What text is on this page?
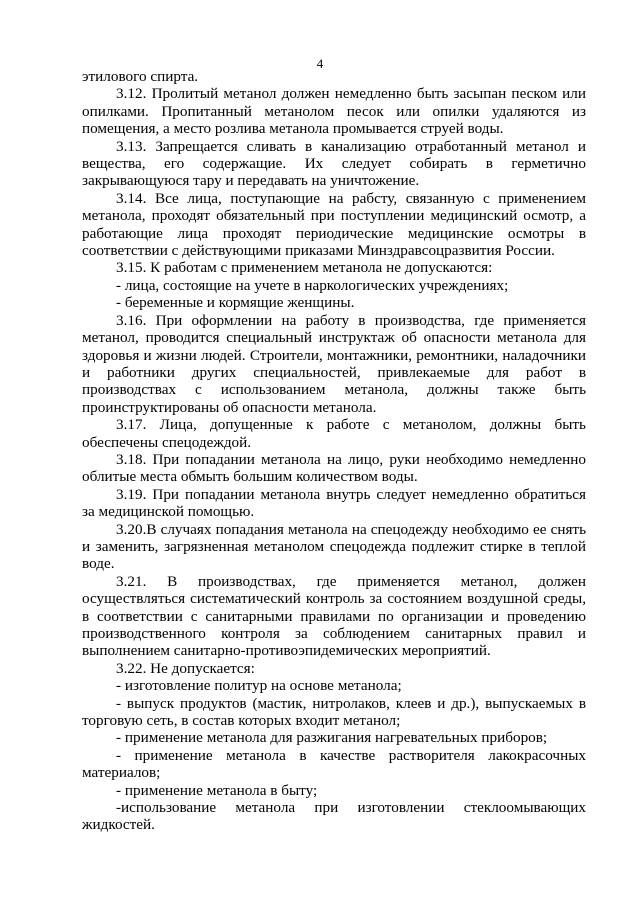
4

этилового спирта.

3.12. Пролитый метанол должен немедленно быть засыпан песком или опилками. Пропитанный метанолом песок или опилки удаляются из помещения, а место розлива метанола промывается струей воды.

3.13. Запрещается сливать в канализацию отработанный метанол и вещества, его содержащие. Их следует собирать в герметично закрывающуюся тару и передавать на уничтожение.

3.14. Все лица, поступающие на рабсту, связанную с применением метанола, проходят обязательный при поступлении медицинский осмотр, а работающие лица проходят периодические медицинские осмотры в соответствии с действующими приказами Минздравсоцразвития России.

3.15. К работам с применением метанола не допускаются:

- лица, состоящие на учете в наркологических учреждениях;

- беременные и кормящие женщины.

3.16. При оформлении на работу в производства, где применяется метанол, проводится специальный инструктаж об опасности метанола для здоровья и жизни людей. Строители, монтажники, ремонтники, наладочники и работники других специальностей, привлекаемые для работ в производствах с использованием метанола, должны также быть проинструктированы об опасности метанола.

3.17. Лица, допущенные к работе с метанолом, должны быть обеспечены спецодеждой.

3.18. При попадании метанола на лицо, руки необходимо немедленно облитые места обмыть большим количеством воды.

3.19. При попадании метанола внутрь следует немедленно обратиться за медицинской помощью.

3.20.В случаях попадания метанола на спецодежду необходимо ее снять и заменить, загрязненная метанолом спецодежда подлежит стирке в теплой воде.

3.21. В производствах, где применяется метанол, должен осуществляться систематический контроль за состоянием воздушной среды, в соответствии с санитарными правилами по организации и проведению производственного контроля за соблюдением санитарных правил и выполнением санитарно-противоэпидемических мероприятий.

3.22. Не допускается:

- изготовление политур на основе метанола;

- выпуск продуктов (мастик, нитролаков, клеев и др.), выпускаемых в торговую сеть, в состав которых входит метанол;

- применение метанола для разжигания нагревательных приборов;

- применение метанола в качестве растворителя лакокрасочных материалов;

- применение метанола в быту;

-использование метанола при изготовлении стеклоомывающих жидкостей.
